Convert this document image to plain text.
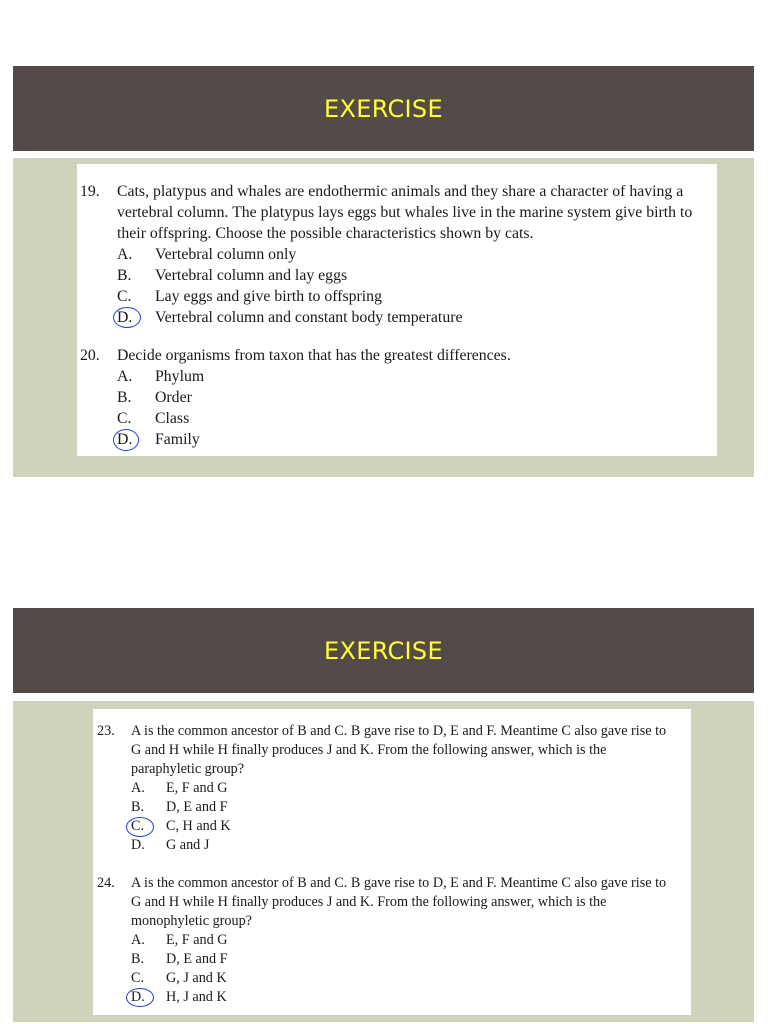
EXERCISE
19.	Cats, platypus and whales are endothermic animals and they share a character of having a vertebral column. The platypus lays eggs but whales live in the marine system give birth to their offspring. Choose the possible characteristics shown by cats.
A.	Vertebral column only
B.	Vertebral column and lay eggs
C.	Lay eggs and give birth to offspring
D.	Vertebral column and constant body temperature
20.	Decide organisms from taxon that has the greatest differences.
A.	Phylum
B.	Order
C.	Class
D.	Family
EXERCISE
23.	A is the common ancestor of B and C. B gave rise to D, E and F. Meantime C also gave rise to G and H while H finally produces J and K. From the following answer, which is the paraphyletic group?
A.	E, F and G
B.	D, E and F
C.	C, H and K
D.	G and J
24.	A is the common ancestor of B and C. B gave rise to D, E and F. Meantime C also gave rise to G and H while H finally produces J and K. From the following answer, which is the monophyletic group?
A.	E, F and G
B.	D, E and F
C.	G, J and K
D.	H, J and K
